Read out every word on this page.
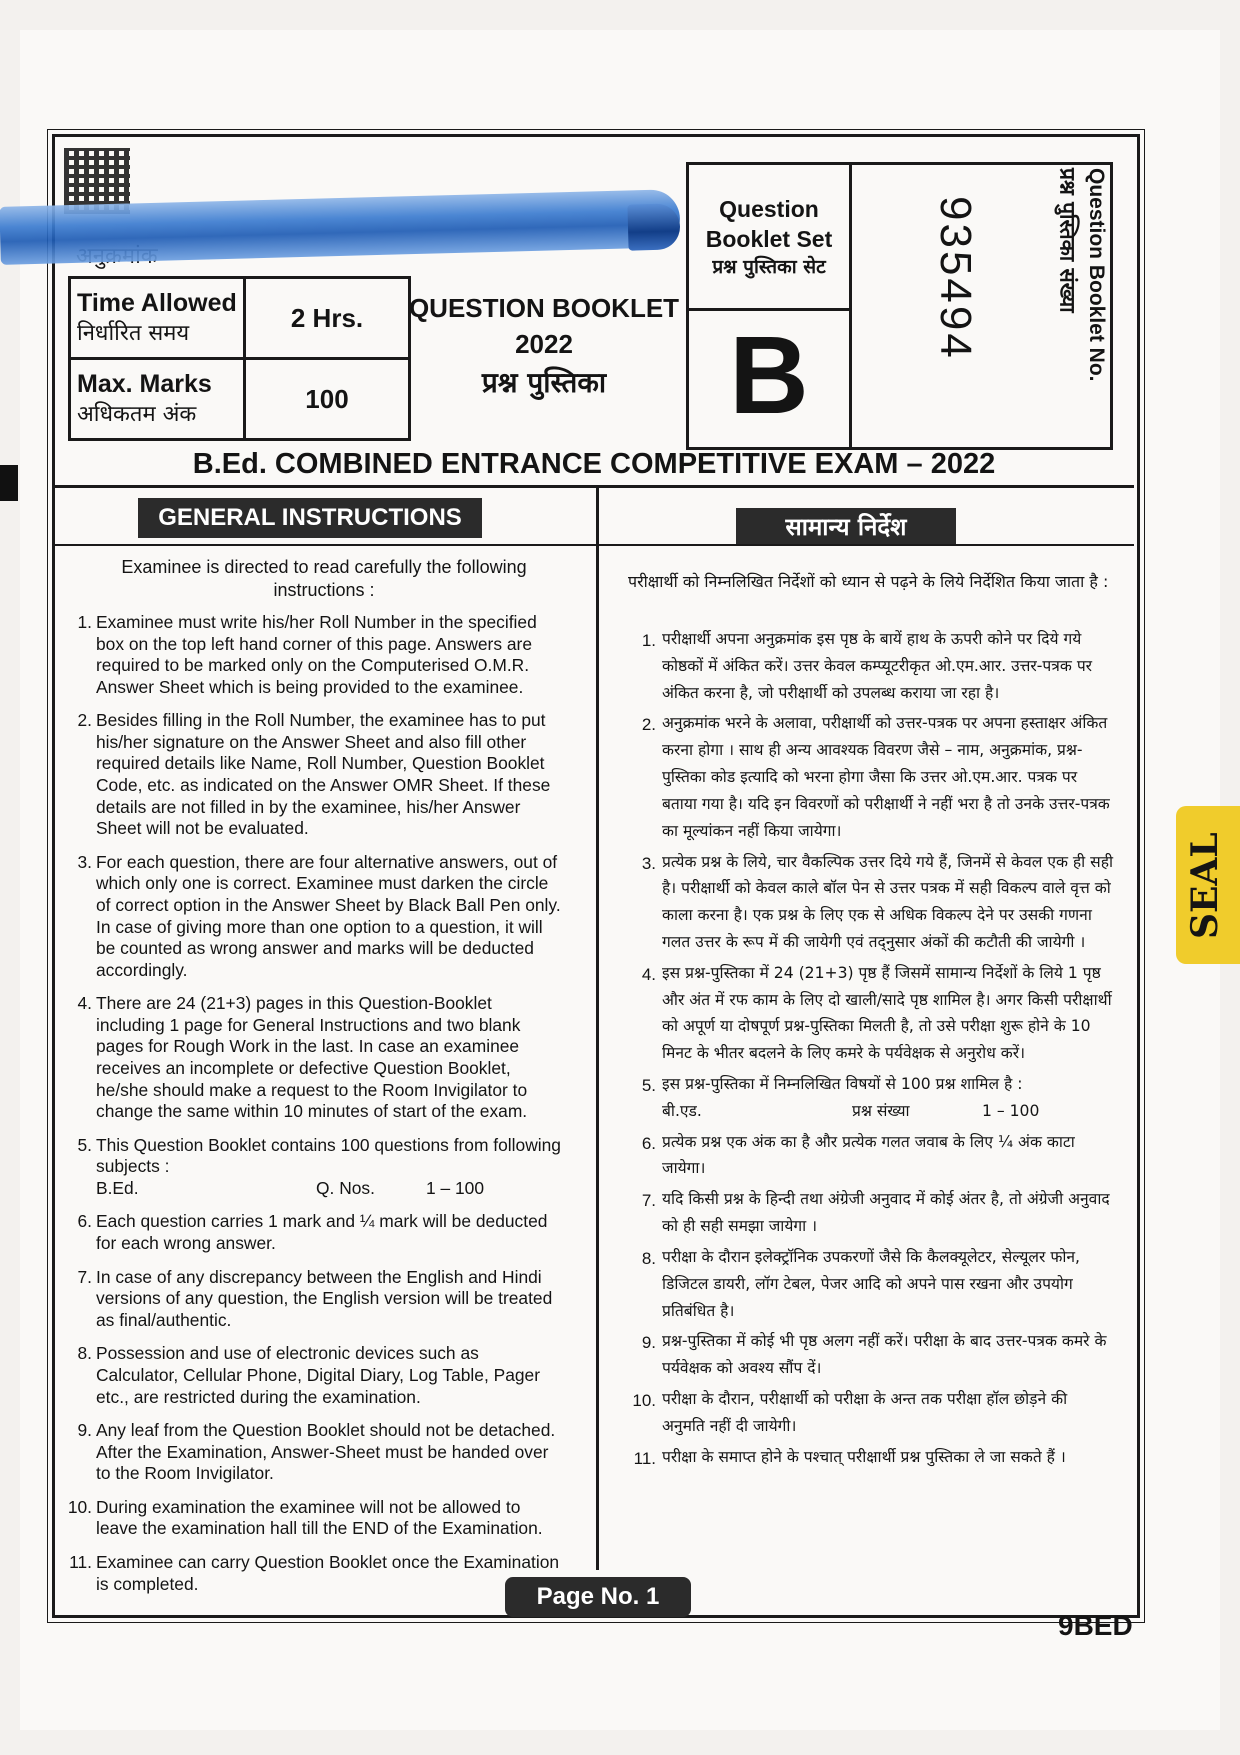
Time Allowed
निर्धारित समय	2 Hrs.

Max. Marks
अधिकतम अंक	100
QUESTION BOOKLET
2022
प्रश्न पुस्तिका
Question Booklet Set
प्रश्न पुस्तिका सेट
B
935494	Question Booklet No.
प्रश्न पुस्तिका संख्या
B.Ed. COMBINED ENTRANCE COMPETITIVE EXAM – 2022
GENERAL INSTRUCTIONS	सामान्य निर्देश
Examinee is directed to read carefully the following instructions :	परीक्षार्थी को निम्नलिखित निर्देशों को ध्यान से पढ़ने के लिये निर्देशित किया जाता है :
1. Examinee must write his/her Roll Number in the specified box on the top left hand corner of this page. Answers are required to be marked only on the Computerised O.M.R. Answer Sheet which is being provided to the examinee.
2. Besides filling in the Roll Number, the examinee has to put his/her signature on the Answer Sheet and also fill other required details like Name, Roll Number, Question Booklet Code, etc. as indicated on the Answer OMR Sheet. If these details are not filled in by the examinee, his/her Answer Sheet will not be evaluated.
3. For each question, there are four alternative answers, out of which only one is correct. Examinee must darken the circle of correct option in the Answer Sheet by Black Ball Pen only. In case of giving more than one option to a question, it will be counted as wrong answer and marks will be deducted accordingly.
4. There are 24 (21+3) pages in this Question-Booklet including 1 page for General Instructions and two blank pages for Rough Work in the last. In case an examinee receives an incomplete or defective Question Booklet, he/she should make a request to the Room Invigilator to change the same within 10 minutes of start of the exam.
5. This Question Booklet contains 100 questions from following subjects :
B.Ed.	Q. Nos.	1 – 100
6. Each question carries 1 mark and ¼ mark will be deducted for each wrong answer.
7. In case of any discrepancy between the English and Hindi versions of any question, the English version will be treated as final/authentic.
8. Possession and use of electronic devices such as Calculator, Cellular Phone, Digital Diary, Log Table, Pager etc., are restricted during the examination.
9. Any leaf from the Question Booklet should not be detached. After the Examination, Answer-Sheet must be handed over to the Room Invigilator.
10. During examination the examinee will not be allowed to leave the examination hall till the END of the Examination.
11. Examinee can carry Question Booklet once the Examination is completed.
1. परीक्षार्थी अपना अनुक्रमांक इस पृष्ठ के बायें हाथ के ऊपरी कोने पर दिये गये कोष्ठकों में अंकित करें। उत्तर केवल कम्प्यूटरीकृत ओ.एम.आर. उत्तर-पत्रक पर अंकित करना है, जो परीक्षार्थी को उपलब्ध कराया जा रहा है।
2. अनुक्रमांक भरने के अलावा, परीक्षार्थी को उत्तर-पत्रक पर अपना हस्ताक्षर अंकित करना होगा । साथ ही अन्य आवश्यक विवरण जैसे – नाम, अनुक्रमांक, प्रश्न-पुस्तिका कोड इत्यादि को भरना होगा जैसा कि उत्तर ओ.एम.आर. पत्रक पर बताया गया है। यदि इन विवरणों को परीक्षार्थी ने नहीं भरा है तो उनके उत्तर-पत्रक का मूल्यांकन नहीं किया जायेगा।
3. प्रत्येक प्रश्न के लिये, चार वैकल्पिक उत्तर दिये गये हैं, जिनमें से केवल एक ही सही है। परीक्षार्थी को केवल काले बॉल पेन से उत्तर पत्रक में सही विकल्प वाले वृत्त को काला करना है। एक प्रश्न के लिए एक से अधिक विकल्प देने पर उसकी गणना गलत उत्तर के रूप में की जायेगी एवं तद्नुसार अंकों की कटौती की जायेगी ।
4. इस प्रश्न-पुस्तिका में 24 (21+3) पृष्ठ हैं जिसमें सामान्य निर्देशों के लिये 1 पृष्ठ और अंत में रफ काम के लिए दो खाली/सादे पृष्ठ शामिल है। अगर किसी परीक्षार्थी को अपूर्ण या दोषपूर्ण प्रश्न-पुस्तिका मिलती है, तो उसे परीक्षा शुरू होने के 10 मिनट के भीतर बदलने के लिए कमरे के पर्यवेक्षक से अनुरोध करें।
5. इस प्रश्न-पुस्तिका में निम्नलिखित विषयों से 100 प्रश्न शामिल है :
बी.एड.	प्रश्न संख्या	1 – 100
6. प्रत्येक प्रश्न एक अंक का है और प्रत्येक गलत जवाब के लिए ¼ अंक काटा जायेगा।
7. यदि किसी प्रश्न के हिन्दी तथा अंग्रेजी अनुवाद में कोई अंतर है, तो अंग्रेजी अनुवाद को ही सही समझा जायेगा ।
8. परीक्षा के दौरान इलेक्ट्रॉनिक उपकरणों जैसे कि कैलक्यूलेटर, सेल्यूलर फोन, डिजिटल डायरी, लॉग टेबल, पेजर आदि को अपने पास रखना और उपयोग प्रतिबंधित है।
9. प्रश्न-पुस्तिका में कोई भी पृष्ठ अलग नहीं करें। परीक्षा के बाद उत्तर-पत्रक कमरे के पर्यवेक्षक को अवश्य सौंप दें।
10. परीक्षा के दौरान, परीक्षार्थी को परीक्षा के अन्त तक परीक्षा हॉल छोड़ने की अनुमति नहीं दी जायेगी।
11. परीक्षा के समाप्त होने के पश्चात् परीक्षार्थी प्रश्न पुस्तिका ले जा सकते हैं ।
Page No. 1
9BED
SEAL
